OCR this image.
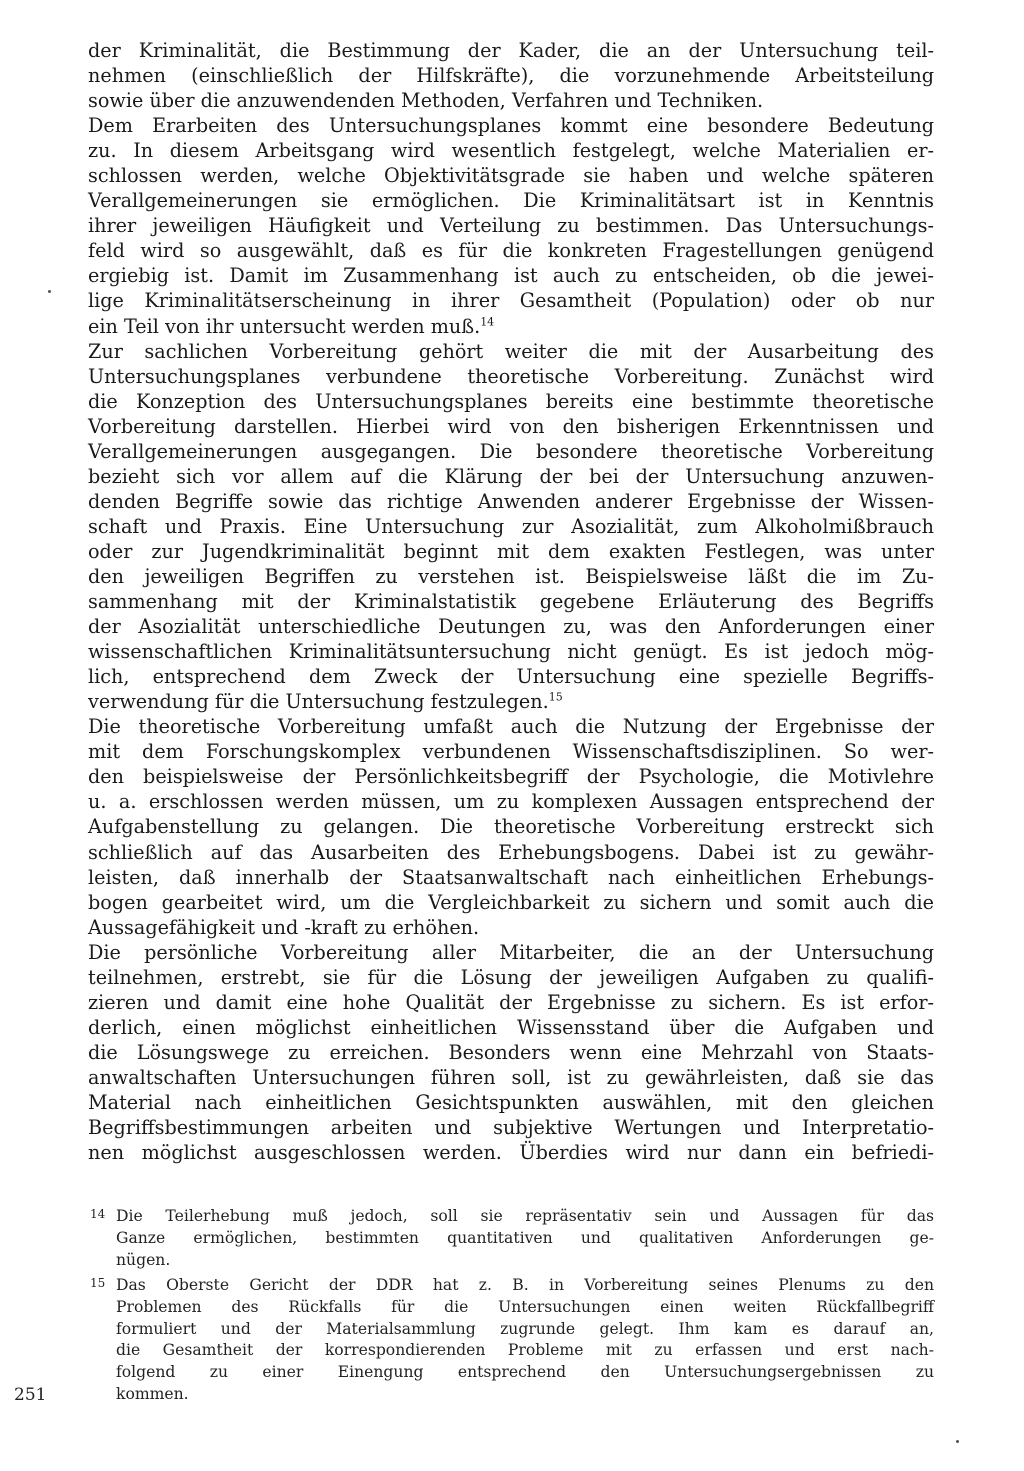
der Kriminalität, die Bestimmung der Kader, die an der Untersuchung teil-
nehmen (einschließlich der Hilfskräfte), die vorzunehmende Arbeitsteilung
sowie über die anzuwendenden Methoden, Verfahren und Techniken.

Dem Erarbeiten des Untersuchungsplanes kommt eine besondere Bedeutung
zu. In diesem Arbeitsgang wird wesentlich festgelegt, welche Materialien er-
schlossen werden, welche Objektivitätsgrade sie haben und welche späteren
Verallgemeinerungen sie ermöglichen. Die Kriminalitätsart ist in Kenntnis
ihrer jeweiligen Häufigkeit und Verteilung zu bestimmen. Das Untersuchungs-
feld wird so ausgewählt, daß es für die konkreten Fragestellungen genügend
ergiebig ist. Damit im Zusammenhang ist auch zu entscheiden, ob die jewei-
lige Kriminalitätserscheinung in ihrer Gesamtheit (Population) oder ob nur
ein Teil von ihr untersucht werden muß.$^{14}$

Zur sachlichen Vorbereitung gehört weiter die mit der Ausarbeitung des
Untersuchungsplanes verbundene theoretische Vorbereitung. Zunächst wird
die Konzeption des Untersuchungsplanes bereits eine bestimmte theoretische
Vorbereitung darstellen. Hierbei wird von den bisherigen Erkenntnissen und
Verallgemeinerungen ausgegangen. Die besondere theoretische Vorbereitung
bezieht sich vor allem auf die Klärung der bei der Untersuchung anzuwen-
denden Begriffe sowie das richtige Anwenden anderer Ergebnisse der Wissen-
schaft und Praxis. Eine Untersuchung zur Asozialität, zum Alkoholmißbrauch
oder zur Jugendkriminalität beginnt mit dem exakten Festlegen, was unter
den jeweiligen Begriffen zu verstehen ist. Beispielsweise läßt die im Zu-
sammenhang mit der Kriminalstatistik gegebene Erläuterung des Begriffs
der Asozialität unterschiedliche Deutungen zu, was den Anforderungen einer
wissenschaftlichen Kriminalitätsuntersuchung nicht genügt. Es ist jedoch mög-
lich, entsprechend dem Zweck der Untersuchung eine spezielle Begriffs-
verwendung für die Untersuchung festzulegen.$^{15}$

Die theoretische Vorbereitung umfaßt auch die Nutzung der Ergebnisse der
mit dem Forschungskomplex verbundenen Wissenschaftsdisziplinen. So wer-
den beispielsweise der Persönlichkeitsbegriff der Psychologie, die Motivlehre
u. a. erschlossen werden müssen, um zu komplexen Aussagen entsprechend der
Aufgabenstellung zu gelangen. Die theoretische Vorbereitung erstreckt sich
schließlich auf das Ausarbeiten des Erhebungsbogens. Dabei ist zu gewähr-
leisten, daß innerhalb der Staatsanwaltschaft nach einheitlichen Erhebungs-
bogen gearbeitet wird, um die Vergleichbarkeit zu sichern und somit auch die
Aussagefähigkeit und -kraft zu erhöhen.

Die persönliche Vorbereitung aller Mitarbeiter, die an der Untersuchung
teilnehmen, erstrebt, sie für die Lösung der jeweiligen Aufgaben zu qualifi-
zieren und damit eine hohe Qualität der Ergebnisse zu sichern. Es ist erfor-
derlich, einen möglichst einheitlichen Wissensstand über die Aufgaben und
die Lösungswege zu erreichen. Besonders wenn eine Mehrzahl von Staats-
anwaltschaften Untersuchungen führen soll, ist zu gewährleisten, daß sie das
Material nach einheitlichen Gesichtspunkten auswählen, mit den gleichen
Begriffsbestimmungen arbeiten und subjektive Wertungen und Interpretatio-
nen möglichst ausgeschlossen werden. Überdies wird nur dann ein befriedi-

14 Die Teilerhebung muß jedoch, soll sie repräsentativ sein und Aussagen für das
Ganze ermöglichen, bestimmten quantitativen und qualitativen Anforderungen ge-
nügen.
15 Das Oberste Gericht der DDR hat z. B. in Vorbereitung seines Plenums zu den
Problemen des Rückfalls für die Untersuchungen einen weiten Rückfallbegriff
formuliert und der Materialsammlung zugrunde gelegt. Ihm kam es darauf an,
die Gesamtheit der korrespondierenden Probleme mit zu erfassen und erst nach-
folgend zu einer Einengung entsprechend den Untersuchungsergebnissen zu
kommen.
251
